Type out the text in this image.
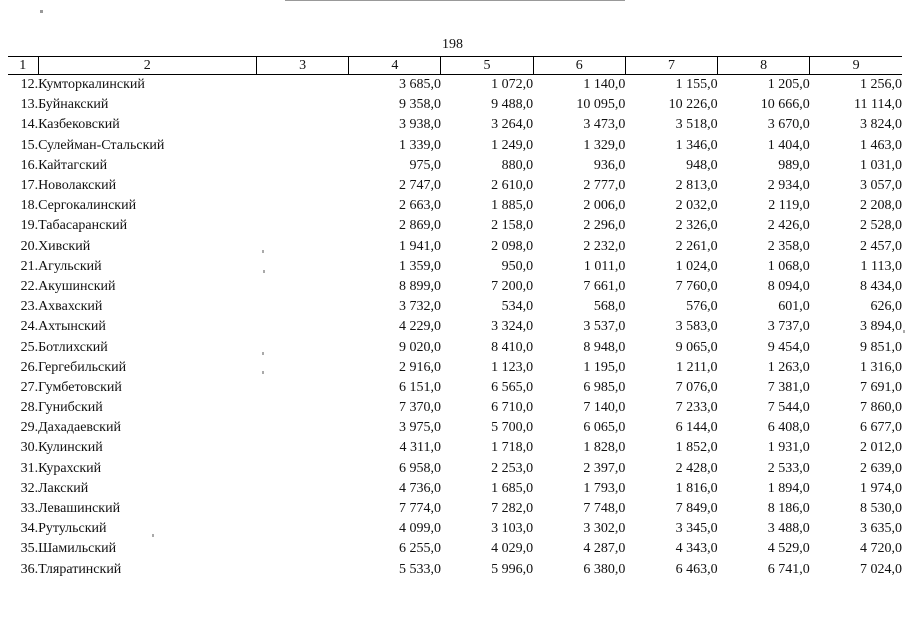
198
1	2	3	4	5	6	7	8	9
12.	Кумторкалинский		3 685,0	1 072,0	1 140,0	1 155,0	1 205,0	1 256,0
13.	Буйнакский		9 358,0	9 488,0	10 095,0	10 226,0	10 666,0	11 114,0
14.	Казбековский		3 938,0	3 264,0	3 473,0	3 518,0	3 670,0	3 824,0
15.	Сулейман-Стальский		1 339,0	1 249,0	1 329,0	1 346,0	1 404,0	1 463,0
16.	Кайтагский		975,0	880,0	936,0	948,0	989,0	1 031,0
17.	Новолакский		2 747,0	2 610,0	2 777,0	2 813,0	2 934,0	3 057,0
18.	Сергокалинский		2 663,0	1 885,0	2 006,0	2 032,0	2 119,0	2 208,0
19.	Табасаранский		2 869,0	2 158,0	2 296,0	2 326,0	2 426,0	2 528,0
20.	Хивский		1 941,0	2 098,0	2 232,0	2 261,0	2 358,0	2 457,0
21.	Агульский		1 359,0	950,0	1 011,0	1 024,0	1 068,0	1 113,0
22.	Акушинский		8 899,0	7 200,0	7 661,0	7 760,0	8 094,0	8 434,0
23.	Ахвахский		3 732,0	534,0	568,0	576,0	601,0	626,0
24.	Ахтынский		4 229,0	3 324,0	3 537,0	3 583,0	3 737,0	3 894,0
25.	Ботлихский		9 020,0	8 410,0	8 948,0	9 065,0	9 454,0	9 851,0
26.	Гергебильский		2 916,0	1 123,0	1 195,0	1 211,0	1 263,0	1 316,0
27.	Гумбетовский		6 151,0	6 565,0	6 985,0	7 076,0	7 381,0	7 691,0
28.	Гунибский		7 370,0	6 710,0	7 140,0	7 233,0	7 544,0	7 860,0
29.	Дахадаевский		3 975,0	5 700,0	6 065,0	6 144,0	6 408,0	6 677,0
30.	Кулинский		4 311,0	1 718,0	1 828,0	1 852,0	1 931,0	2 012,0
31.	Курахский		6 958,0	2 253,0	2 397,0	2 428,0	2 533,0	2 639,0
32.	Лакский		4 736,0	1 685,0	1 793,0	1 816,0	1 894,0	1 974,0
33.	Левашинский		7 774,0	7 282,0	7 748,0	7 849,0	8 186,0	8 530,0
34.	Рутульский		4 099,0	3 103,0	3 302,0	3 345,0	3 488,0	3 635,0
35.	Шамильский		6 255,0	4 029,0	4 287,0	4 343,0	4 529,0	4 720,0
36.	Тляратинский		5 533,0	5 996,0	6 380,0	6 463,0	6 741,0	7 024,0
